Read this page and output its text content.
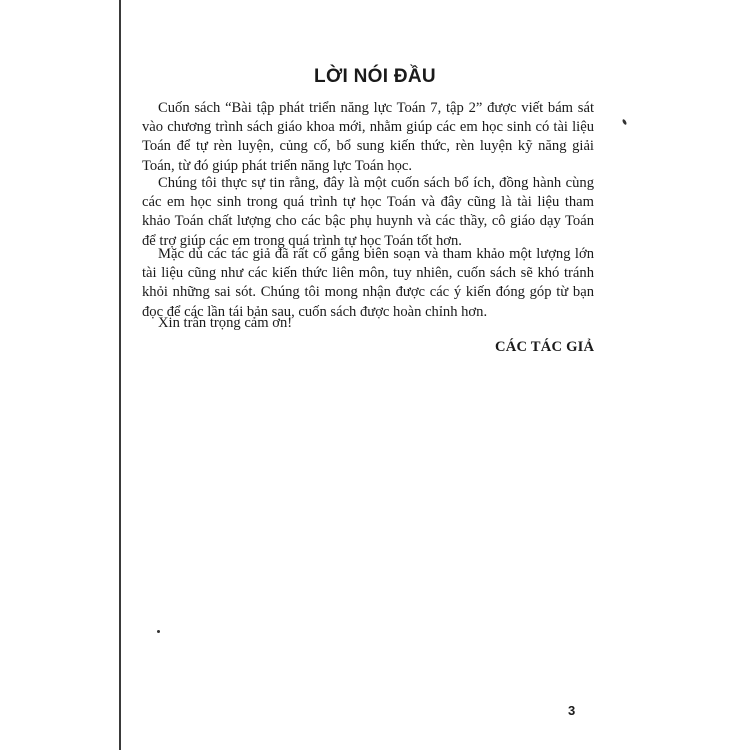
LỜI NÓI ĐẦU

Cuốn sách “Bài tập phát triển năng lực Toán 7, tập 2” được viết bám sát vào chương trình sách giáo khoa mới, nhằm giúp các em học sinh có tài liệu Toán để tự rèn luyện, củng cố, bổ sung kiến thức, rèn luyện kỹ năng giải Toán, từ đó giúp phát triển năng lực Toán học.

Chúng tôi thực sự tin rằng, đây là một cuốn sách bổ ích, đồng hành cùng các em học sinh trong quá trình tự học Toán và đây cũng là tài liệu tham khảo Toán chất lượng cho các bậc phụ huynh và các thầy, cô giáo dạy Toán để trợ giúp các em trong quá trình tự học Toán tốt hơn.

Mặc dù các tác giả đã rất cố gắng biên soạn và tham khảo một lượng lớn tài liệu cũng như các kiến thức liên môn, tuy nhiên, cuốn sách sẽ khó tránh khỏi những sai sót. Chúng tôi mong nhận được các ý kiến đóng góp từ bạn đọc để các lần tái bản sau, cuốn sách được hoàn chỉnh hơn.

Xin trân trọng cảm ơn!

CÁC TÁC GIẢ
3
